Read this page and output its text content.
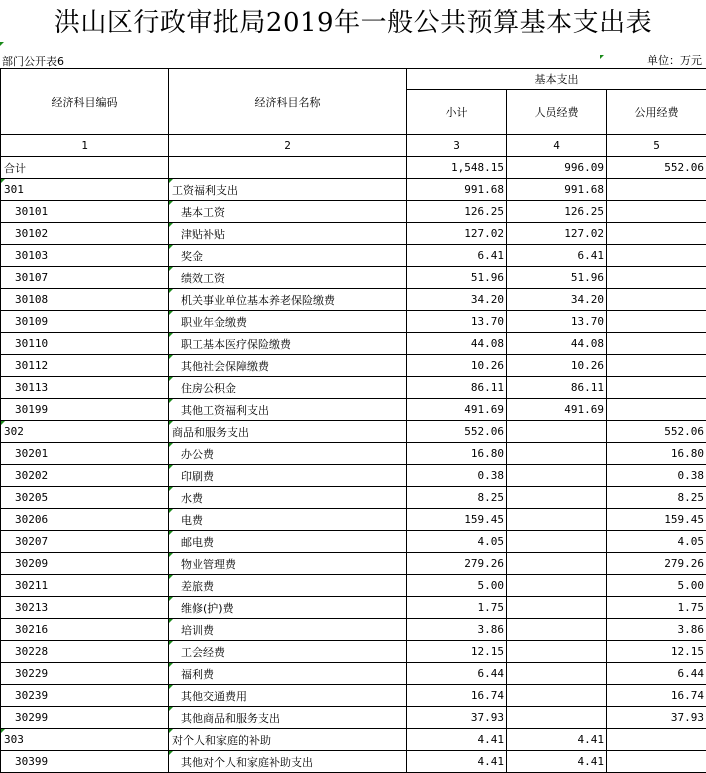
洪山区行政审批局2019年一般公共预算基本支出表
部门公开表6	单位：万元
经济科目编码	经济科目名称	基本支出		
		小计	人员经费	公用经费
1	2	3	4	5
合计		1,548.15	996.09	552.06

301	工资福利支出	991.68	991.68	
30101	基本工资	126.25	126.25	
30102	津贴补贴	127.02	127.02	
30103	奖金	6.41	6.41	
30107	绩效工资	51.96	51.96	
30108	机关事业单位基本养老保险缴费	34.20	34.20	
30109	职业年金缴费	13.70	13.70	
30110	职工基本医疗保险缴费	44.08	44.08	
30112	其他社会保障缴费	10.26	10.26	
30113	住房公积金	86.11	86.11	
30199	其他工资福利支出	491.69	491.69	

302	商品和服务支出	552.06		552.06
30201	办公费	16.80		16.80
30202	印刷费	0.38		0.38
30205	水费	8.25		8.25
30206	电费	159.45		159.45
30207	邮电费	4.05		4.05
30209	物业管理费	279.26		279.26
30211	差旅费	5.00		5.00
30213	维修(护)费	1.75		1.75
30216	培训费	3.86		3.86
30228	工会经费	12.15		12.15
30229	福利费	6.44		6.44
30239	其他交通费用	16.74		16.74
30299	其他商品和服务支出	37.93		37.93

303	对个人和家庭的补助	4.41	4.41	
30399	其他对个人和家庭补助支出	4.41	4.41	
